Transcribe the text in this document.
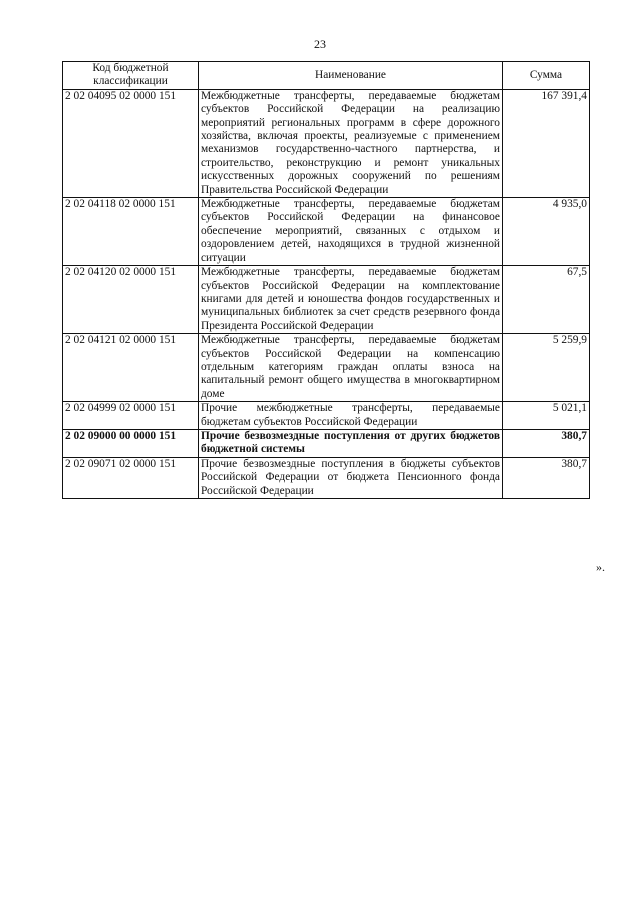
23
Код бюджетной классификации	Наименование	Сумма
2 02 04095 02 0000 151	Межбюджетные трансферты, передаваемые бюджетам субъектов Российской Федерации на реализацию мероприятий региональных программ в сфере дорожного хозяйства, включая проекты, реализуемые с применением механизмов государственно-частного партнерства, и строительство, реконструкцию и ремонт уникальных искусственных дорожных сооружений по решениям Правительства Российской Федерации	167 391,4
2 02 04118 02 0000 151	Межбюджетные трансферты, передаваемые бюджетам субъектов Российской Федерации на финансовое обеспечение мероприятий, связанных с отдыхом и оздоровлением детей, находящихся в трудной жизненной ситуации	4 935,0
2 02 04120 02 0000 151	Межбюджетные трансферты, передаваемые бюджетам субъектов Российской Федерации на комплектование книгами для детей и юношества фондов государственных и муниципальных библиотек за счет средств резервного фонда Президента Российской Федерации	67,5
2 02 04121 02 0000 151	Межбюджетные трансферты, передаваемые бюджетам субъектов Российской Федерации на компенсацию отдельным категориям граждан оплаты взноса на капитальный ремонт общего имущества в многоквартирном доме	5 259,9
2 02 04999 02 0000 151	Прочие межбюджетные трансферты, передаваемые бюджетам субъектов Российской Федерации	5 021,1
2 02 09000 00 0000 151	Прочие безвозмездные поступления от других бюджетов бюджетной системы	380,7
2 02 09071 02 0000 151	Прочие безвозмездные поступления в бюджеты субъектов Российской Федерации от бюджета Пенсионного фонда Российской Федерации	380,7
».
